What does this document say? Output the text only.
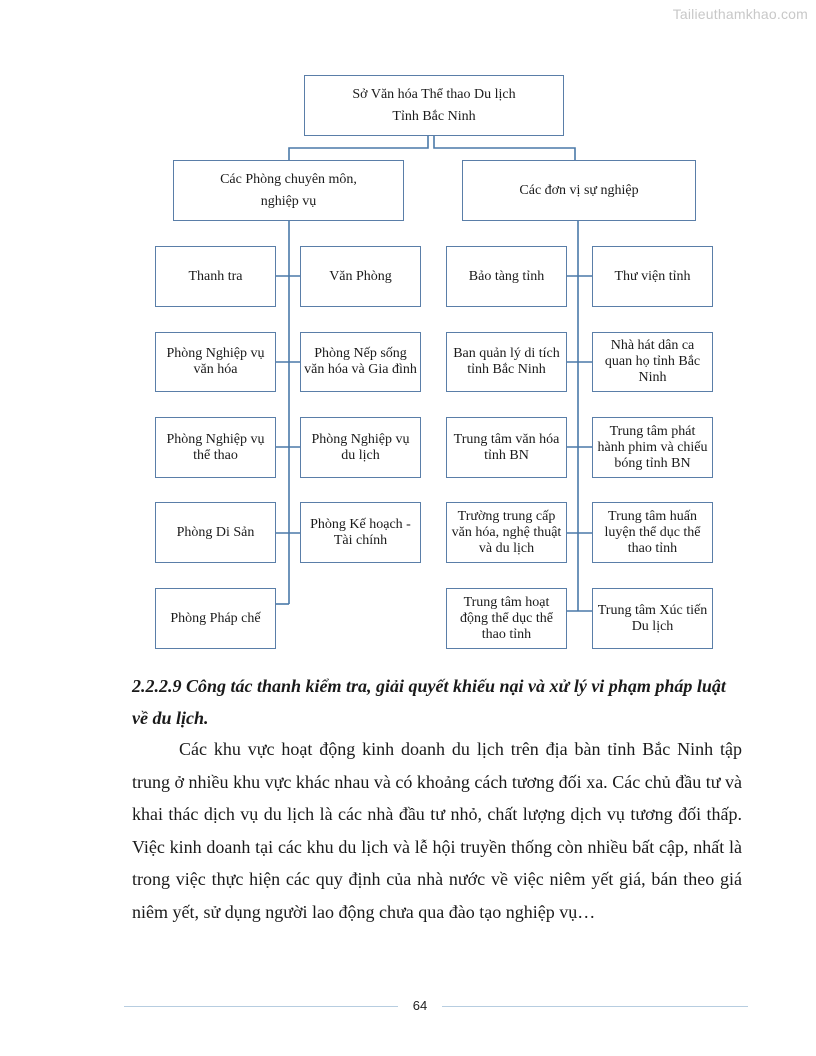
Tailieuthamkhao.com
Sở Văn hóa Thể thao Du lịch
Tỉnh Bắc Ninh
Các Phòng chuyên môn,
nghiệp vụ
Các đơn vị sự nghiệp
Thanh tra
Phòng Nghiệp vụ văn hóa
Phòng Nghiệp vụ thể thao
Phòng Di Sản
Phòng Pháp chế
Văn Phòng
Phòng Nếp sống văn hóa và Gia đình
Phòng Nghiệp vụ du lịch
Phòng Kế hoạch - Tài chính
Bảo tàng tỉnh
Ban quản lý di tích tỉnh Bắc Ninh
Trung tâm văn hóa tỉnh BN
Trường trung cấp văn hóa, nghệ thuật và du lịch
Trung tâm hoạt động thể dục thể thao tỉnh
Thư viện tỉnh
Nhà hát dân ca quan họ tỉnh Bắc Ninh
Trung tâm phát hành phim và chiếu bóng tỉnh BN
Trung tâm huấn luyện thể dục thể thao tỉnh
Trung tâm Xúc tiến Du lịch

2.2.2.9 Công tác thanh kiểm tra, giải quyết khiếu nại và xử lý vi phạm pháp luật về du lịch.

Các khu vực hoạt động kinh doanh du lịch trên địa bàn tỉnh Bắc Ninh tập trung ở nhiều khu vực khác nhau và có khoảng cách tương đối xa. Các chủ đầu tư và khai thác dịch vụ du lịch là các nhà đầu tư nhỏ, chất lượng dịch vụ tương đối thấp. Việc kinh doanh tại các khu du lịch và lễ hội truyền thống còn nhiều bất cập, nhất là trong việc thực hiện các quy định của nhà nước về việc niêm yết giá, bán theo giá niêm yết, sử dụng người lao động chưa qua đào tạo nghiệp vụ…

64
